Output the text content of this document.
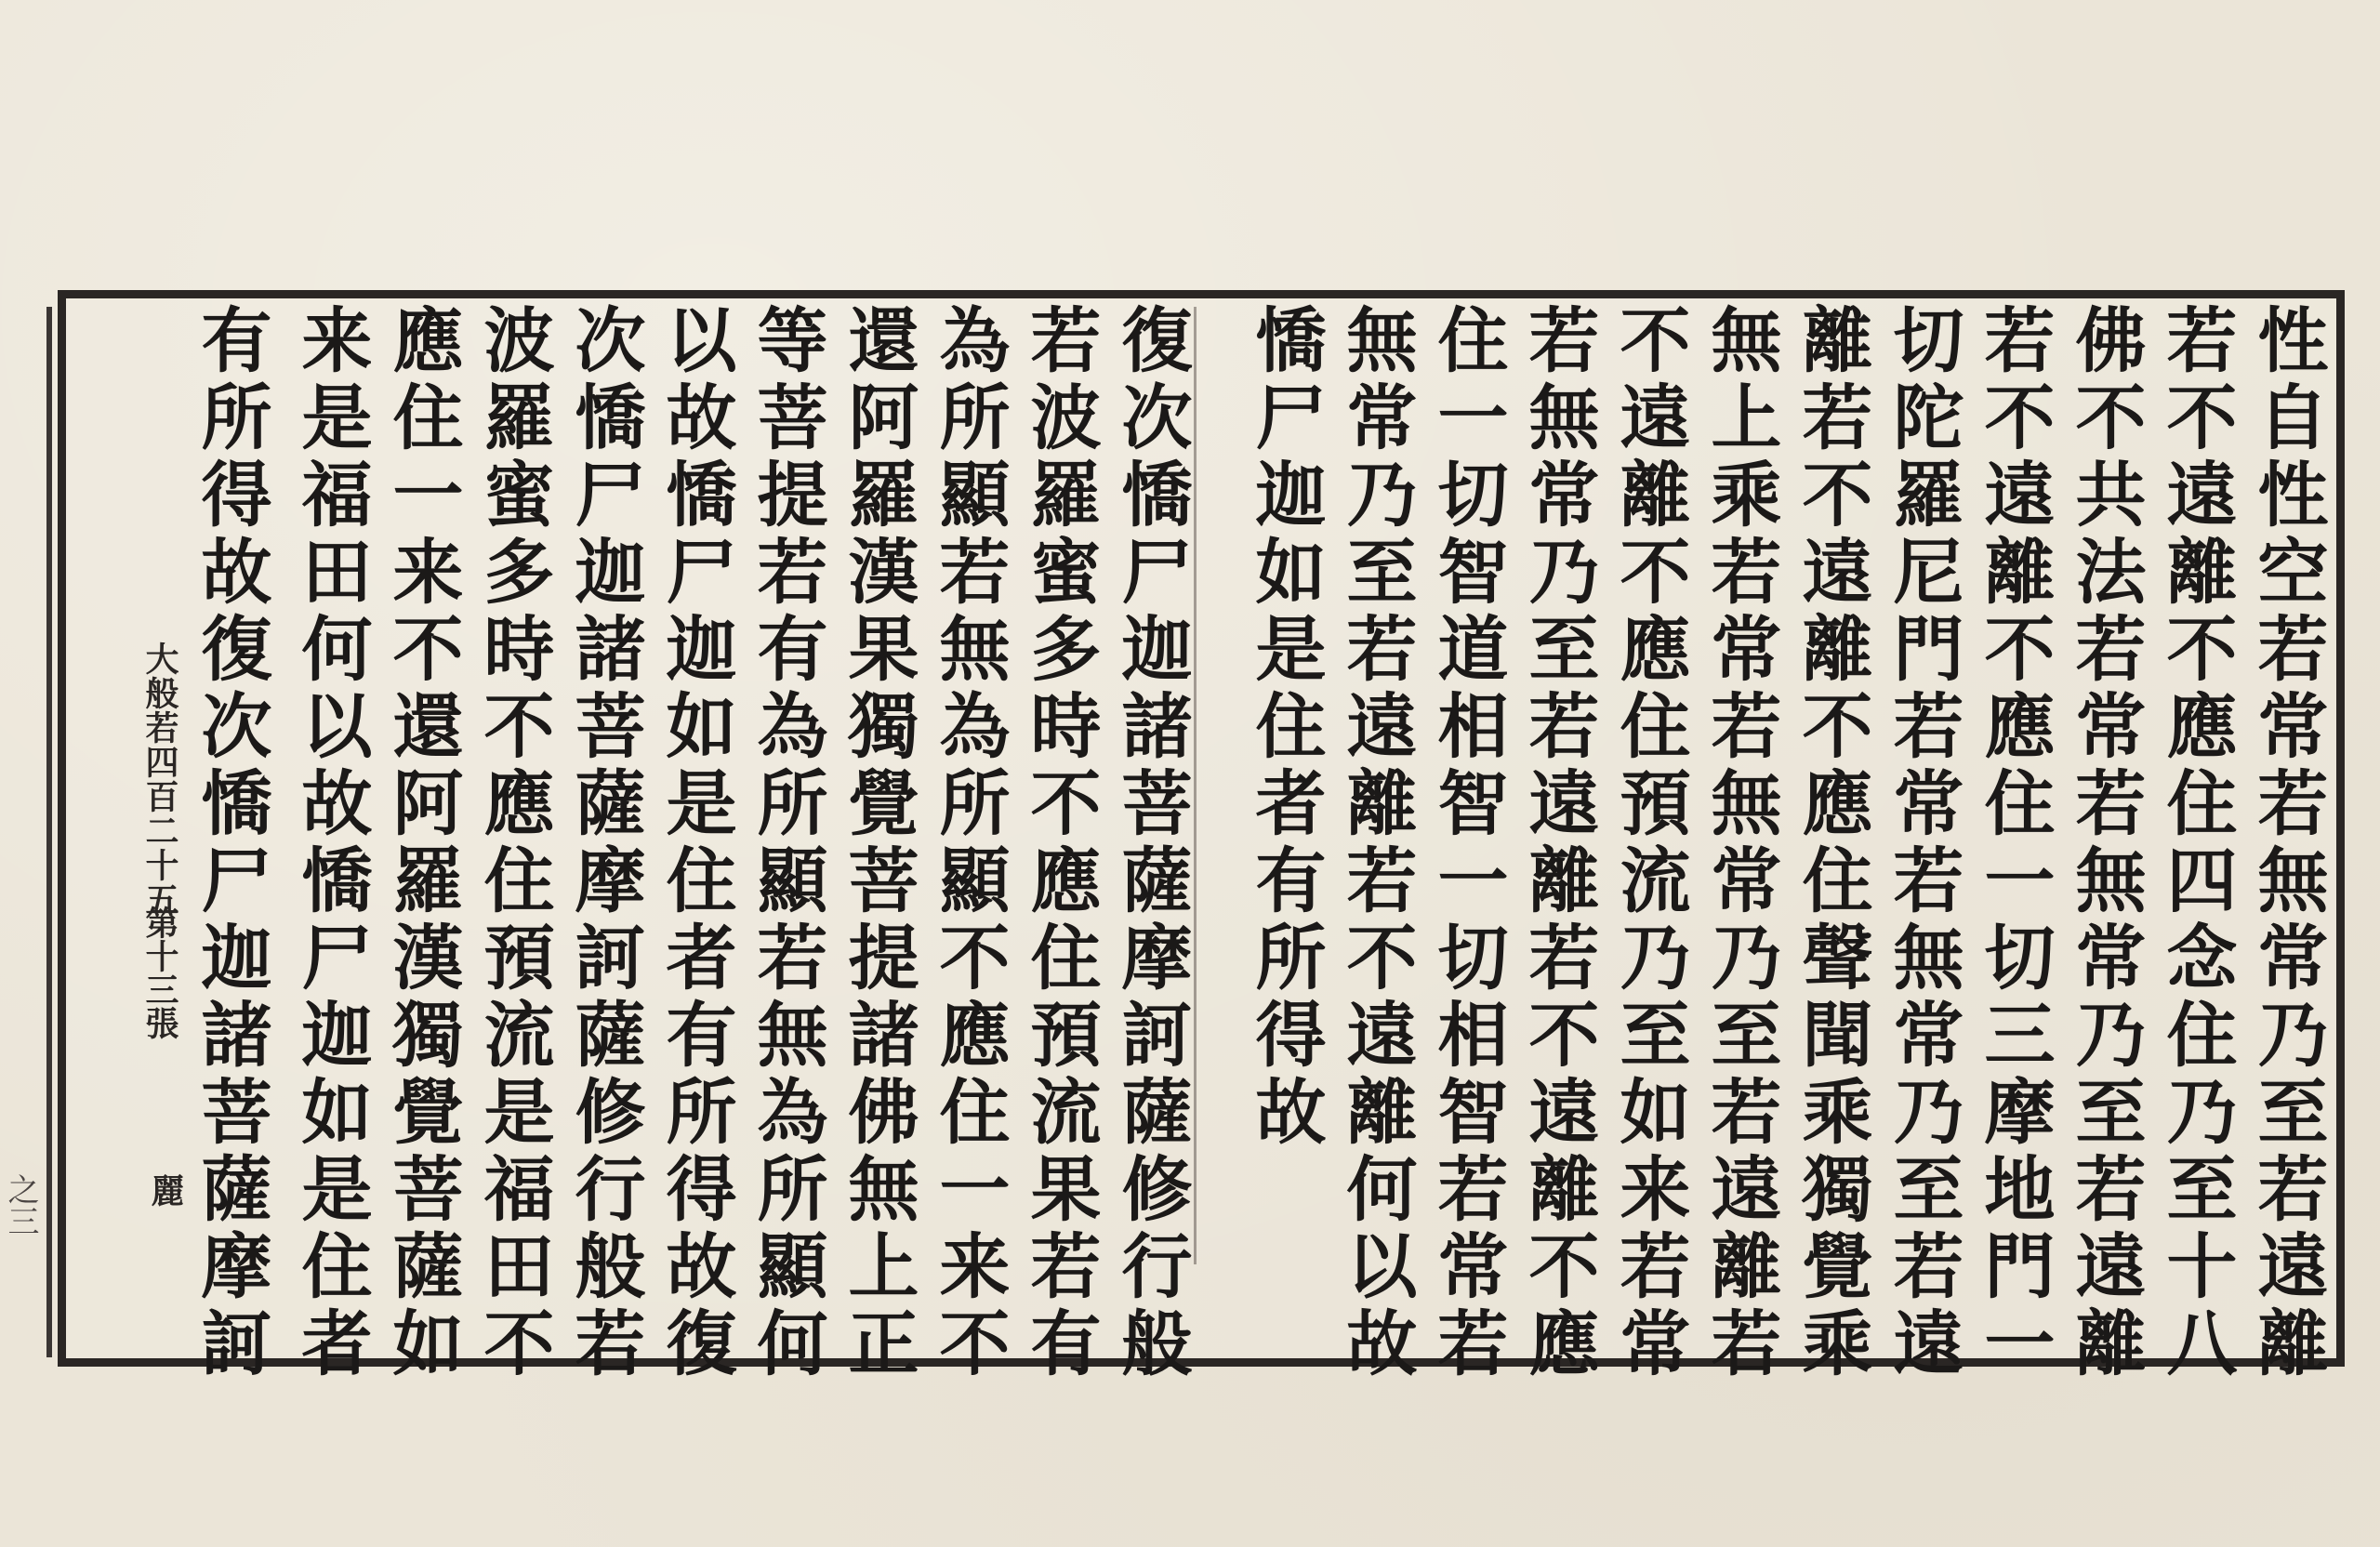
性自性空若常若無常乃至若遠離
若不遠離不應住四念住乃至十八
佛不共法若常若無常乃至若遠離
若不遠離不應住一切三摩地門一
切陀羅尼門若常若無常乃至若遠
離若不遠離不應住聲聞乘獨覺乘
無上乘若常若無常乃至若遠離若
不遠離不應住預流乃至如来若常
若無常乃至若遠離若不遠離不應
住一切智道相智一切相智若常若
無常乃至若遠離若不遠離何以故
憍尸迦如是住者有所得故
復次憍尸迦諸菩薩摩訶薩修行般
若波羅蜜多時不應住預流果若有
為所顯若無為所顯不應住一来不
還阿羅漢果獨覺菩提諸佛無上正
等菩提若有為所顯若無為所顯何
以故憍尸迦如是住者有所得故復
次憍尸迦諸菩薩摩訶薩修行般若
波羅蜜多時不應住預流是福田不
應住一来不還阿羅漢獨覺菩薩如
来是福田何以故憍尸迦如是住者
有所得故復次憍尸迦諸菩薩摩訶
大般若四百二十五
第十三張
麗
之三
